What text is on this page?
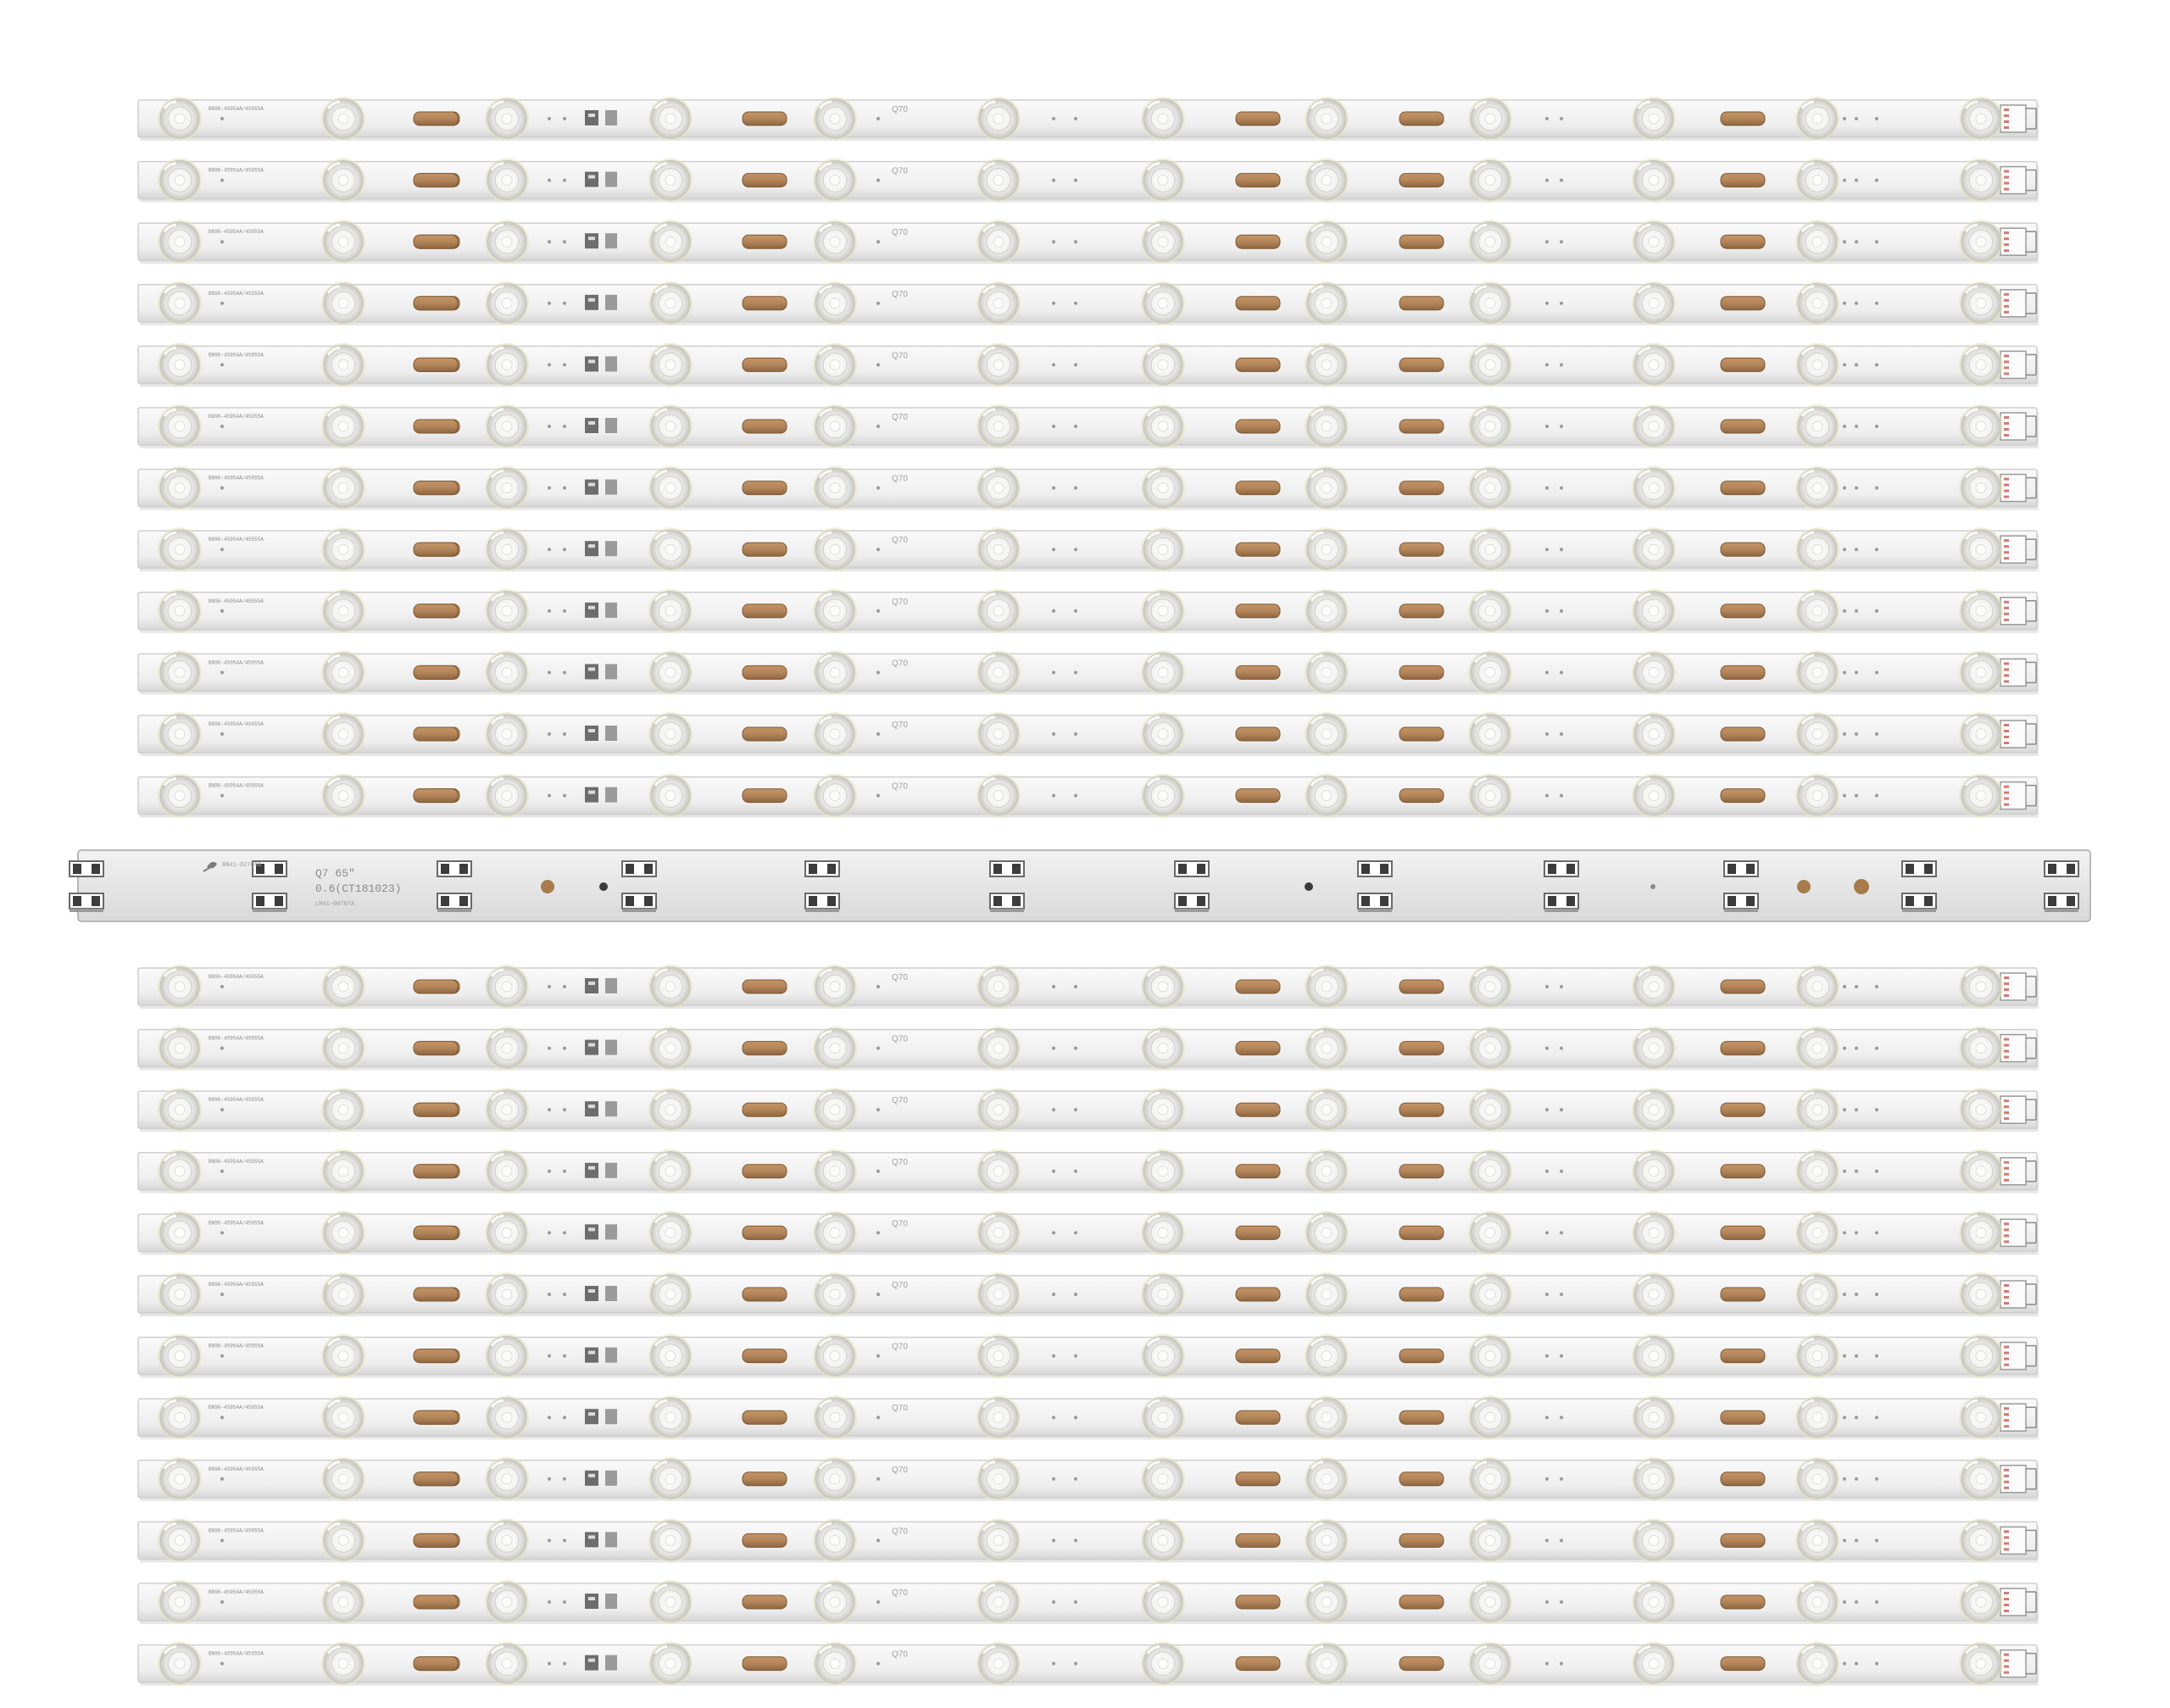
BN96-45954A/45955A	Q70
BN96-45954A/45955A	Q70
BN96-45954A/45955A	Q70
BN96-45954A/45955A	Q70
BN96-45954A/45955A	Q70
BN96-45954A/45955A	Q70
BN96-45954A/45955A	Q70
BN96-45954A/45955A	Q70
BN96-45954A/45955A	Q70
BN96-45954A/45955A	Q70
BN96-45954A/45955A	Q70
BN96-45954A/45955A	Q70
Q7 65"
0.6(CT181023)
BN41-02768A
LM41-00707A
BN96-45954A/45955A	Q70
BN96-45954A/45955A	Q70
BN96-45954A/45955A	Q70
BN96-45954A/45955A	Q70
BN96-45954A/45955A	Q70
BN96-45954A/45955A	Q70
BN96-45954A/45955A	Q70
BN96-45954A/45955A	Q70
BN96-45954A/45955A	Q70
BN96-45954A/45955A	Q70
BN96-45954A/45955A	Q70
BN96-45954A/45955A	Q70
